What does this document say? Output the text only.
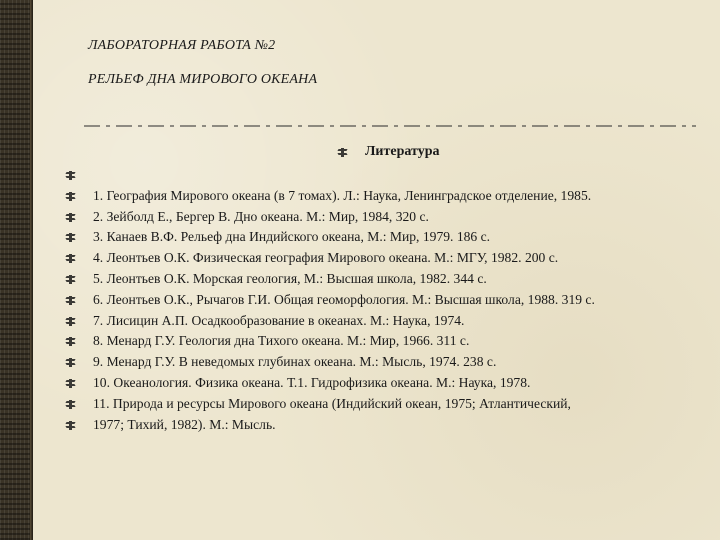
ЛАБОРАТОРНАЯ РАБОТА №2
РЕЛЬЕФ ДНА МИРОВОГО ОКЕАНА
Литература
1. География Мирового океана (в 7 томах). Л.: Наука, Ленинградское отделение, 1985.
2. Зейболд Е., Бергер В. Дно океана. М.: Мир, 1984, 320 с.
3. Канаев В.Ф. Рельеф дна Индийского океана, М.: Мир, 1979. 186 с.
4. Леонтьев О.К. Физическая география Мирового океана. М.: МГУ, 1982. 200 с.
5. Леонтьев О.К. Морская геология, М.: Высшая школа, 1982. 344 с.
6. Леонтьев О.К., Рычагов Г.И. Общая геоморфология. М.: Высшая школа, 1988. 319 с.
7. Лисицин А.П. Осадкообразование в океанах. М.: Наука, 1974.
8. Менард Г.У. Геология дна Тихого океана. М.: Мир, 1966. 311 с.
9. Менард Г.У. В неведомых глубинах океана. М.: Мысль, 1974. 238 с.
10. Океанология. Физика океана. Т.1. Гидрофизика океана. М.: Наука, 1978.
11. Природа и ресурсы Мирового океана (Индийский океан, 1975; Атлантический,
1977; Тихий, 1982). М.: Мысль.
